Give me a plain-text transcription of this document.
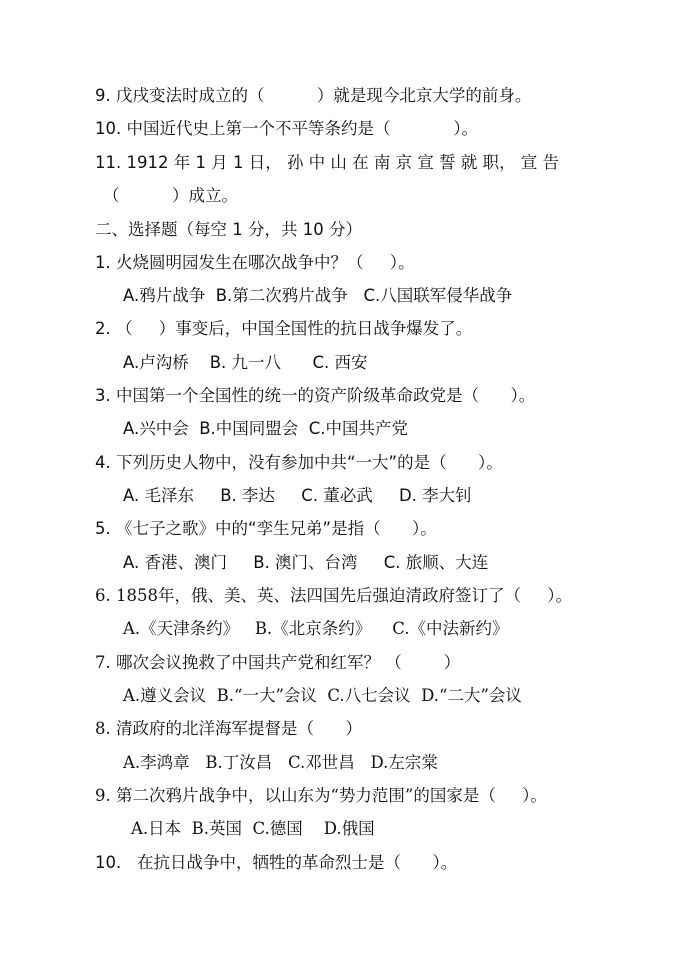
9. 戊戌变法时成立的（          ）就是现今北京大学的前身。
10. 中国近代史上第一个不平等条约是（            ）。
11. 1912 年 1 月 1 日， 孙 中 山 在 南 京 宣 誓 就 职， 宣 告
（          ）成立。
二、选择题（每空 1 分，共 10 分）
1. 火烧圆明园发生在哪次战争中？（     ）。
A.鸦片战争  B.第二次鸦片战争   C.八国联军侵华战争
2. （     ）事变后，中国全国性的抗日战争爆发了。
A.卢沟桥    B. 九一八      C. 西安
3. 中国第一个全国性的统一的资产阶级革命政党是（      ）。
A.兴中会  B.中国同盟会  C.中国共产党
4. 下列历史人物中，没有参加中共“一大”的是（      ）。
A. 毛泽东     B. 李达     C. 董必武     D. 李大钊
5. 《七子之歌》中的“孪生兄弟”是指（      ）。
A. 香港、澳门     B. 澳门、台湾     C. 旅顺、大连
6. 1858年，俄、美、英、法四国先后强迫清政府签订了（     ）。
A.《天津条约》   B.《北京条约》    C.《中法新约》
7. 哪次会议挽救了中国共产党和红军？ （        ）
A.遵义会议  B.“一大”会议  C.八七会议  D.“二大”会议
8. 清政府的北洋海军提督是（      ）
A.李鸿章   B.丁汝昌   C.邓世昌   D.左宗棠
9. 第二次鸦片战争中，以山东为“势力范围”的国家是（     ）。
A.日本  B.英国  C.德国    D.俄国
10.   在抗日战争中，牺牲的革命烈士是（      ）。
